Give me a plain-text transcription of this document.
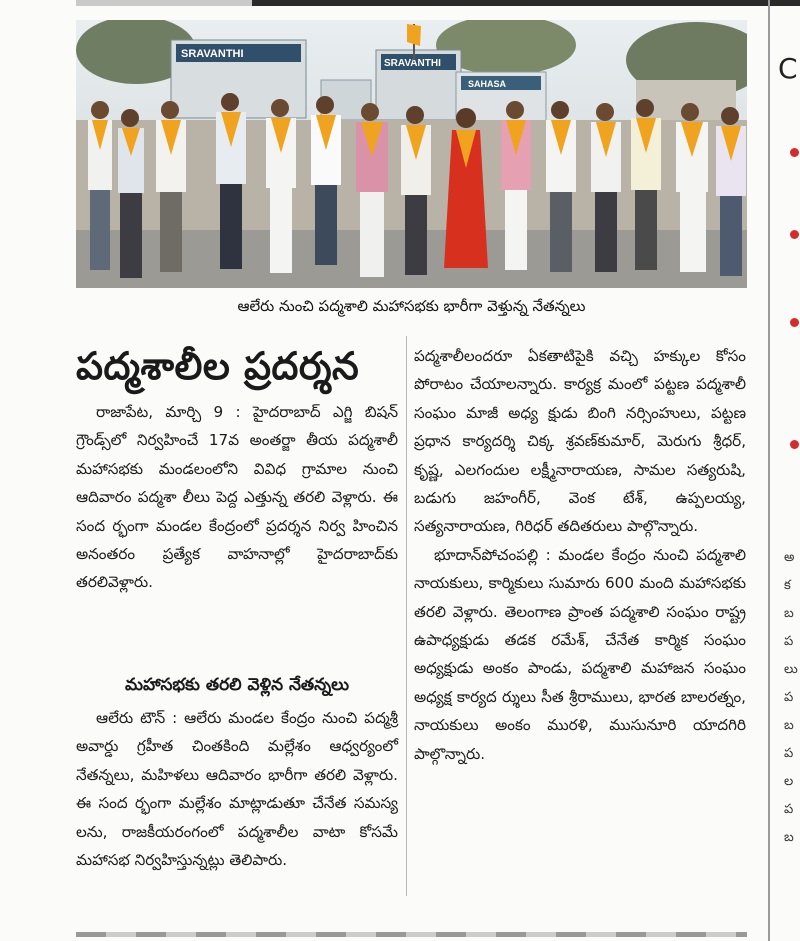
SRAVANTHI
SRAVANTHI
SAHASA
ఆలేరు నుంచి పద్మశాలి మహాసభకు భారీగా వెళ్తున్న నేతన్నలు
పద్మశాలీల ప్రదర్శన

రాజాపేట, మార్చి 9 : హైదరాబాద్ ఎగ్జి బిషన్ గ్రౌండ్స్‌లో నిర్వహించే 17వ అంతర్జా తీయ పద్మశాలీ మహాసభకు మండలంలోని వివిధ గ్రామాల నుంచి ఆదివారం పద్మశా లీలు పెద్ద ఎత్తున్న తరలి వెళ్లారు. ఈ సంద ర్భంగా మండల కేంద్రంలో ప్రదర్శన నిర్వ హించిన అనంతరం ప్రత్యేక వాహనాల్లో హైదరాబాద్‌కు తరలివెళ్లారు.

మహాసభకు తరలి వెళ్లిన నేతన్నలు

ఆలేరు టౌన్ : ఆలేరు మండల కేంద్రం నుంచి పద్మశ్రీ అవార్డు గ్రహీత చింతకింది మల్లేశం ఆధ్వర్యంలో నేతన్నలు, మహిళలు ఆదివారం భారీగా తరలి వెళ్లారు. ఈ సంద ర్భంగా మల్లేశం మాట్లాడుతూ చేనేత సమస్య లను, రాజకీయరంగంలో పద్మశాలీల వాటా కోసమే మహాసభ నిర్వహిస్తున్నట్లు తెలిపారు.

పద్మశాలీలందరూ ఏకతాటిపైకి వచ్చి హక్కుల కోసం పోరాటం చేయాలన్నారు. కార్యక్ర మంలో పట్టణ పద్మశాలీ సంఘం మాజీ అధ్య క్షుడు బింగి నర్సింహులు, పట్టణ ప్రధాన కార్యదర్శి చిక్క శ్రవణ్‌కుమార్, మెరుగు శ్రీధర్, కృష్ణ, ఎలగందుల లక్ష్మీనారాయణ, సామల సత్యరుషి, బడుగు జహంగీర్, వెంక టేశ్, ఉప్పలయ్య, సత్యనారాయణ, గిరిధర్ తదితరులు పాల్గొన్నారు.

భూదాన్‌పోచంపల్లి : మండల కేంద్రం నుంచి పద్మశాలి నాయకులు, కార్మికులు సుమారు 600 మంది మహాసభకు తరలి వెళ్లారు. తెలంగాణ ప్రాంత పద్మశాలి సంఘం రాష్ట్ర ఉపాధ్యక్షుడు తడక రమేశ్, చేనేత కార్మిక సంఘం అధ్యక్షుడు అంకం పాండు, పద్మశాలి మహాజన సంఘం అధ్యక్ష కార్యద ర్శులు సీత శ్రీరాములు, భారత బాలరత్నం, నాయకులు అంకం మురళి, ముసునూరి యాదగిరి పాల్గొన్నారు.

C
అ
క
బ
ప
లు
ప
బ
ప
ల
ప
బ
